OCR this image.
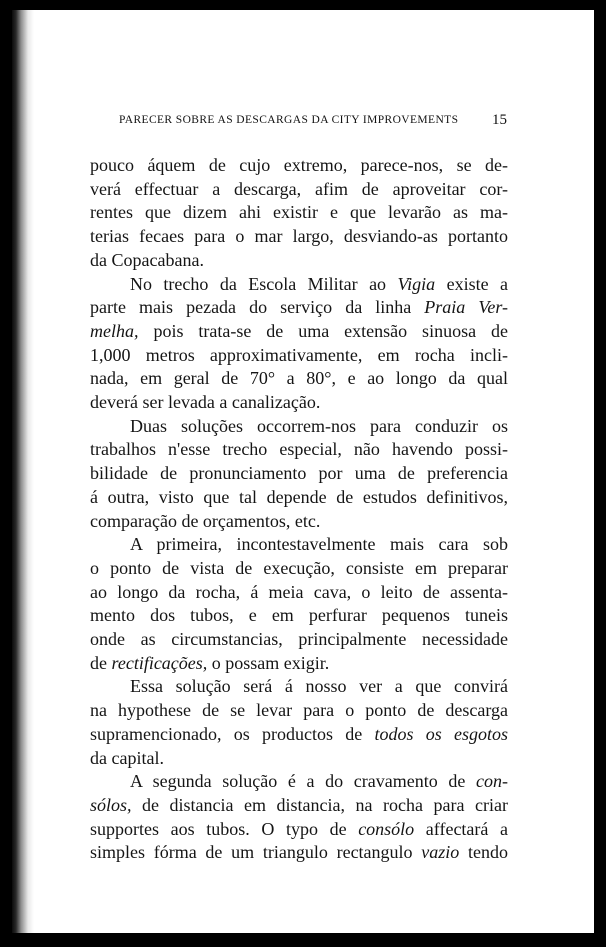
PARECER SOBRE AS DESCARGAS DA CITY IMPROVEMENTS 15
pouco áquem de cujo extremo, parece-nos, se de-
verá effectuar a descarga, afim de aproveitar cor-
rentes que dizem ahi existir e que levarão as ma-
terias fecaes para o mar largo, desviando-as portanto
da Copacabana.
No trecho da Escola Militar ao Vigia existe a
parte mais pezada do serviço da linha Praia Ver-
melha, pois trata-se de uma extensão sinuosa de
1,000 metros approximativamente, em rocha incli-
nada, em geral de 70° a 80°, e ao longo da qual
deverá ser levada a canalização.
Duas soluções occorrem-nos para conduzir os
trabalhos n'esse trecho especial, não havendo possi-
bilidade de pronunciamento por uma de preferencia
á outra, visto que tal depende de estudos definitivos,
comparação de orçamentos, etc.
A primeira, incontestavelmente mais cara sob
o ponto de vista de execução, consiste em preparar
ao longo da rocha, á meia cava, o leito de assenta-
mento dos tubos, e em perfurar pequenos tuneis
onde as circumstancias, principalmente necessidade
de rectificações, o possam exigir.
Essa solução será á nosso ver a que convirá
na hypothese de se levar para o ponto de descarga
supramencionado, os productos de todos os esgotos
da capital.
A segunda solução é a do cravamento de con-
sólos, de distancia em distancia, na rocha para criar
supportes aos tubos. O typo de consólo affectará a
simples fórma de um triangulo rectangulo vazio tendo
